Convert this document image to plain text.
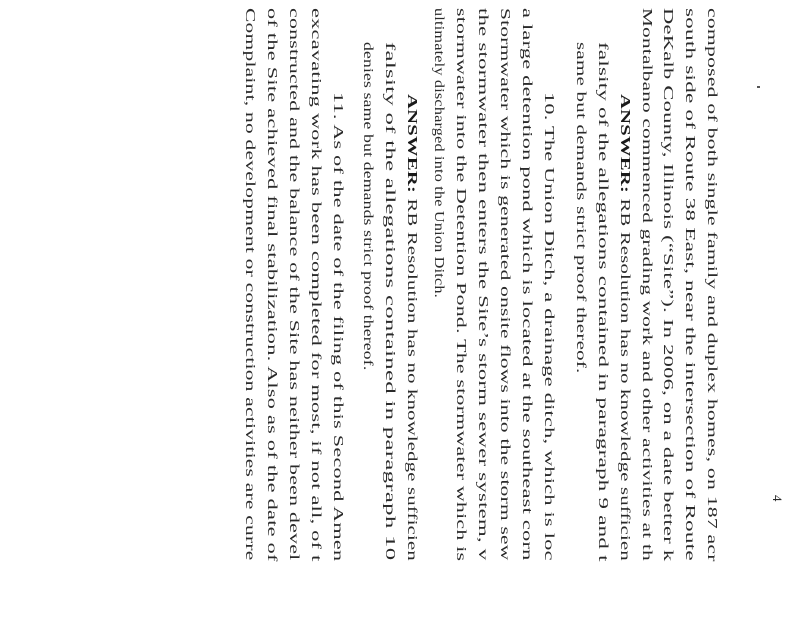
4
composed of both single family and duplex homes, on 187 acr
south side of Route 38 East, near the intersection of Route
DeKalb County, Illinois (“Site”). In 2006, on a date better k
Montalbano commenced grading work and other activities at th
ANSWER: RB Resolution has no knowledge sufficien
falsity of the allegations contained in paragraph 9 and t
same but demands strict proof thereof.
10. The Union Ditch, a drainage ditch, which is loc
a large detention pond which is located at the southeast corn
Stormwater which is generated onsite flows into the storm sew
the stormwater then enters the Site’s storm sewer system, v
stormwater into the Detention Pond. The stormwater which is
ultimately discharged into the Union Ditch.
ANSWER: RB Resolution has no knowledge sufficien
falsity of the allegations contained in paragraph 10
denies same but demands strict proof thereof.
11. As of the date of the filing of this Second Amen
excavating work has been completed for most, if not all, of t
constructed and the balance of the Site has neither been devel
of the Site achieved final stabilization. Also as of the date of
Complaint, no development or construction activities are curre
